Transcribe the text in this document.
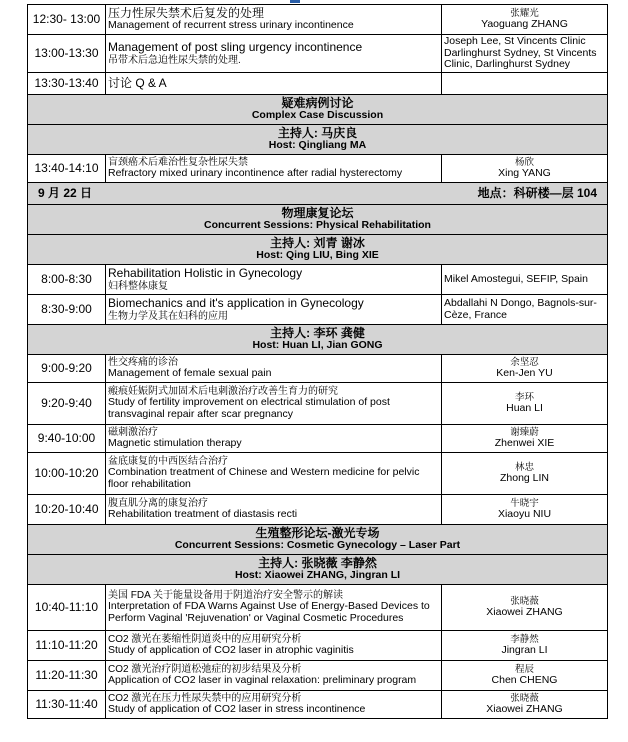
12:30- 13:00	压力性尿失禁术后复发的处理
Management of recurrent stress urinary incontinence	张耀光
Yaoguang ZHANG
13:00-13:30	Management of post sling urgency incontinence
吊带术后急迫性尿失禁的处理.	Joseph Lee, St Vincents Clinic Darlinghurst Sydney, St Vincents Clinic, Darlinghurst Sydney
13:30-13:40	讨论 Q & A	

疑难病例讨论
Complex Case Discussion		

主持人: 马庆良
Host: Qingliang MA		

13:40-14:10	盲颈癌术后难治性复杂性尿失禁
Refractory mixed urinary incontinence after radial hysterectomy	杨欣
Xing YANG

9 月 22 日 地点：科研楼—层 104		

物理康复论坛
Concurrent Sessions: Physical Rehabilitation		

主持人: 刘青 谢冰
Host: Qing LIU, Bing XIE		

8:00-8:30	Rehabilitation Holistic in Gynecology
妇科整体康复	Mikel Amostegui, SEFIP, Spain
8:30-9:00	Biomechanics and it's application in Gynecology
生物力学及其在妇科的应用	Abdallahi N Dongo, Bagnols-sur-Cèze, France

主持人: 李环 龚健
Host: Huan LI, Jian GONG		

9:00-9:20	性交疼痛的诊治
Management of female sexual pain	余坚忍
Ken-Jen YU
9:20-9:40	瘢痕妊娠阴式加固术后电刺激治疗改善生育力的研究
Study of fertility improvement on electrical stimulation of post transvaginal repair after scar pregnancy	李环
Huan LI
9:40-10:00	磁刺激治疗
Magnetic stimulation therapy	谢臻蔚
Zhenwei XIE
10:00-10:20	盆底康复的中西医结合治疗
Combination treatment of Chinese and Western medicine for pelvic floor rehabilitation	林忠
Zhong LIN
10:20-10:40	腹直肌分离的康复治疗
Rehabilitation treatment of diastasis recti	牛晓宇
Xiaoyu NIU

生殖整形论坛-激光专场
Concurrent Sessions: Cosmetic Gynecology – Laser Part		

主持人: 张晓薇 李静然
Host: Xiaowei ZHANG, Jingran LI		

10:40-11:10	美国 FDA 关于能量设备用于阴道治疗安全警示的解读
Interpretation of FDA Warns Against Use of Energy-Based Devices to Perform Vaginal 'Rejuvenation' or Vaginal Cosmetic Procedures	张晓薇
Xiaowei ZHANG
11:10-11:20	CO2 激光在萎缩性阴道炎中的应用研究分析
Study of application of CO2 laser in atrophic vaginitis	李静然
Jingran LI
11:20-11:30	CO2 激光治疗阴道松弛症的初步结果及分析
Application of CO2 laser in vaginal relaxation: preliminary program	程辰
Chen CHENG
11:30-11:40	CO2 激光在压力性尿失禁中的应用研究分析
Study of application of CO2 laser in stress incontinence	张晓薇
Xiaowei ZHANG
